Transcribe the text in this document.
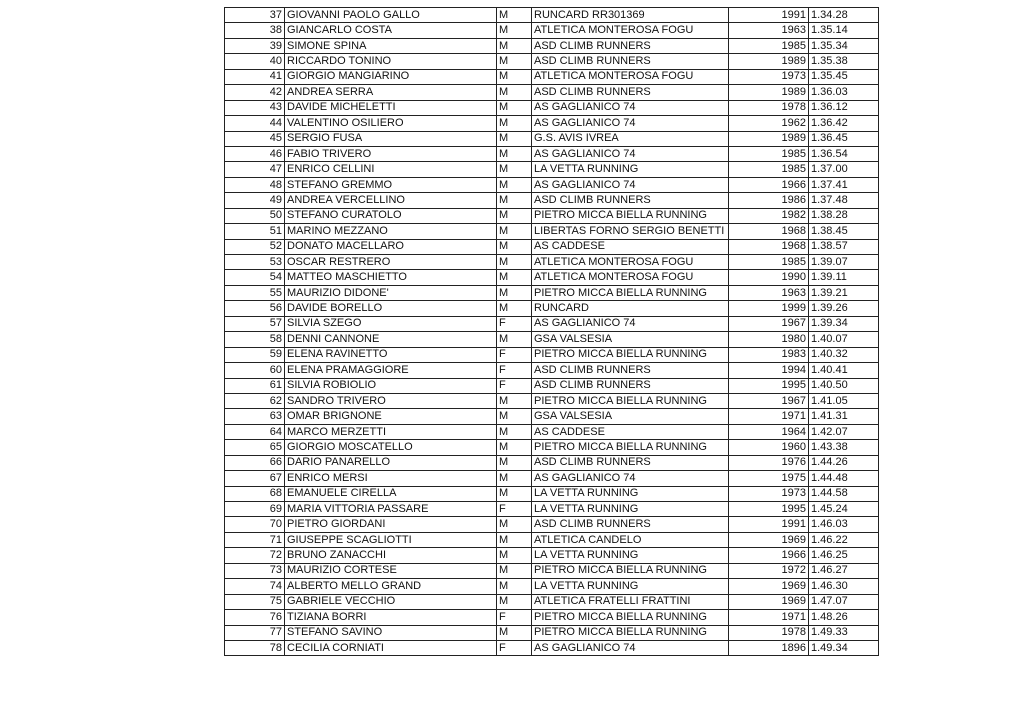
37	GIOVANNI PAOLO GALLO	M	RUNCARD RR301369	1991	1.34.28
38	GIANCARLO COSTA	M	ATLETICA MONTEROSA FOGU	1963	1.35.14
39	SIMONE SPINA	M	ASD CLIMB RUNNERS	1985	1.35.34
40	RICCARDO TONINO	M	ASD CLIMB RUNNERS	1989	1.35.38
41	GIORGIO MANGIARINO	M	ATLETICA MONTEROSA FOGU	1973	1.35.45
42	ANDREA SERRA	M	ASD CLIMB RUNNERS	1989	1.36.03
43	DAVIDE MICHELETTI	M	AS GAGLIANICO 74	1978	1.36.12
44	VALENTINO OSILIERO	M	AS GAGLIANICO 74	1962	1.36.42
45	SERGIO FUSA	M	G.S. AVIS IVREA	1989	1.36.45
46	FABIO TRIVERO	M	AS GAGLIANICO 74	1985	1.36.54
47	ENRICO CELLINI	M	LA VETTA RUNNING	1985	1.37.00
48	STEFANO GREMMO	M	AS GAGLIANICO 74	1966	1.37.41
49	ANDREA VERCELLINO	M	ASD CLIMB RUNNERS	1986	1.37.48
50	STEFANO CURATOLO	M	PIETRO MICCA BIELLA RUNNING	1982	1.38.28
51	MARINO MEZZANO	M	LIBERTAS FORNO SERGIO BENETTI	1968	1.38.45
52	DONATO MACELLARO	M	AS CADDESE	1968	1.38.57
53	OSCAR RESTRERO	M	ATLETICA MONTEROSA FOGU	1985	1.39.07
54	MATTEO MASCHIETTO	M	ATLETICA MONTEROSA FOGU	1990	1.39.11
55	MAURIZIO DIDONE'	M	PIETRO MICCA BIELLA RUNNING	1963	1.39.21
56	DAVIDE BORELLO	M	RUNCARD	1999	1.39.26
57	SILVIA SZEGO	F	AS GAGLIANICO 74	1967	1.39.34
58	DENNI CANNONE	M	GSA VALSESIA	1980	1.40.07
59	ELENA RAVINETTO	F	PIETRO MICCA BIELLA RUNNING	1983	1.40.32
60	ELENA PRAMAGGIORE	F	ASD CLIMB RUNNERS	1994	1.40.41
61	SILVIA ROBIOLIO	F	ASD CLIMB RUNNERS	1995	1.40.50
62	SANDRO TRIVERO	M	PIETRO MICCA BIELLA RUNNING	1967	1.41.05
63	OMAR BRIGNONE	M	GSA VALSESIA	1971	1.41.31
64	MARCO MERZETTI	M	AS CADDESE	1964	1.42.07
65	GIORGIO MOSCATELLO	M	PIETRO MICCA BIELLA RUNNING	1960	1.43.38
66	DARIO PANARELLO	M	ASD CLIMB RUNNERS	1976	1.44.26
67	ENRICO MERSI	M	AS GAGLIANICO 74	1975	1.44.48
68	EMANUELE CIRELLA	M	LA VETTA RUNNING	1973	1.44.58
69	MARIA VITTORIA PASSARE	F	LA VETTA RUNNING	1995	1.45.24
70	PIETRO GIORDANI	M	ASD CLIMB RUNNERS	1991	1.46.03
71	GIUSEPPE SCAGLIOTTI	M	ATLETICA CANDELO	1969	1.46.22
72	BRUNO ZANACCHI	M	LA VETTA RUNNING	1966	1.46.25
73	MAURIZIO CORTESE	M	PIETRO MICCA BIELLA RUNNING	1972	1.46.27
74	ALBERTO MELLO GRAND	M	LA VETTA RUNNING	1969	1.46.30
75	GABRIELE VECCHIO	M	ATLETICA FRATELLI FRATTINI	1969	1.47.07
76	TIZIANA BORRI	F	PIETRO MICCA BIELLA RUNNING	1971	1.48.26
77	STEFANO SAVINO	M	PIETRO MICCA BIELLA RUNNING	1978	1.49.33
78	CECILIA CORNIATI	F	AS GAGLIANICO 74	1896	1.49.34
